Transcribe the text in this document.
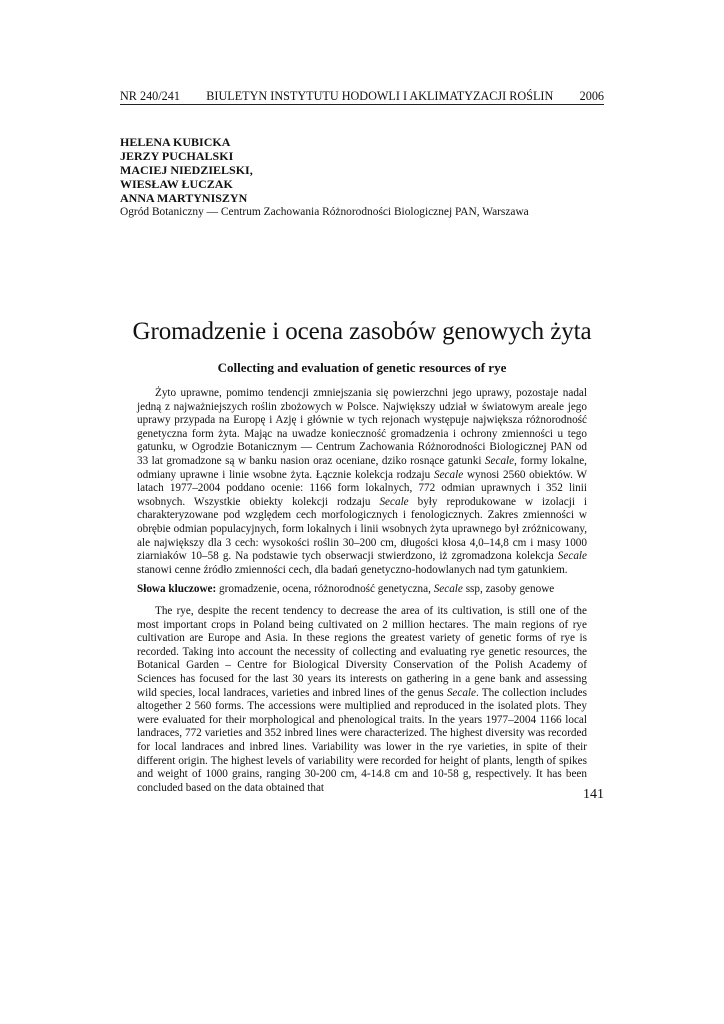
NR 240/241 BIULETYN INSTYTUTU HODOWLI I AKLIMATYZACJI ROŚLIN 2006
HELENA KUBICKA
JERZY PUCHALSKI
MACIEJ NIEDZIELSKI,
WIESŁAW ŁUCZAK
ANNA MARTYNISZYN
Ogród Botaniczny — Centrum Zachowania Różnorodności Biologicznej PAN, Warszawa
Gromadzenie i ocena zasobów genowych żyta
Collecting and evaluation of genetic resources of rye

Żyto uprawne, pomimo tendencji zmniejszania się powierzchni jego uprawy, pozostaje nadal jedną z najważniejszych roślin zbożowych w Polsce. Największy udział w światowym areale jego uprawy przypada na Europę i Azję i głównie w tych rejonach występuje największa różnorodność genetyczna form żyta. Mając na uwadze konieczność gromadzenia i ochrony zmienności u tego gatunku, w Ogrodzie Botanicznym — Centrum Zachowania Różnorodności Biologicznej PAN od 33 lat gromadzone są w banku nasion oraz oceniane, dziko rosnące gatunki Secale, formy lokalne, odmiany uprawne i linie wsobne żyta. Łącznie kolekcja rodzaju Secale wynosi 2560 obiektów. W latach 1977–2004 poddano ocenie: 1166 form lokalnych, 772 odmian uprawnych i 352 linii wsobnych. Wszystkie obiekty kolekcji rodzaju Secale były reprodukowane w izolacji i charakteryzowane pod względem cech morfologicznych i fenologicznych. Zakres zmienności w obrębie odmian populacyjnych, form lokalnych i linii wsobnych żyta uprawnego był zróżnicowany, ale największy dla 3 cech: wysokości roślin 30–200 cm, długości kłosa 4,0–14,8 cm i masy 1000 ziarniaków 10–58 g. Na podstawie tych obserwacji stwierdzono, iż zgromadzona kolekcja Secale stanowi cenne źródło zmienności cech, dla badań genetyczno-hodowlanych nad tym gatunkiem.

Słowa kluczowe: gromadzenie, ocena, różnorodność genetyczna, Secale ssp, zasoby genowe

The rye, despite the recent tendency to decrease the area of its cultivation, is still one of the most important crops in Poland being cultivated on 2 million hectares. The main regions of rye cultivation are Europe and Asia. In these regions the greatest variety of genetic forms of rye is recorded. Taking into account the necessity of collecting and evaluating rye genetic resources, the Botanical Garden – Centre for Biological Diversity Conservation of the Polish Academy of Sciences has focused for the last 30 years its interests on gathering in a gene bank and assessing wild species, local landraces, varieties and inbred lines of the genus Secale. The collection includes altogether 2 560 forms. The accessions were multiplied and reproduced in the isolated plots. They were evaluated for their morphological and phenological traits. In the years 1977–2004 1166 local landraces, 772 varieties and 352 inbred lines were characterized. The highest diversity was recorded for local landraces and inbred lines. Variability was lower in the rye varieties, in spite of their different origin. The highest levels of variability were recorded for height of plants, length of spikes and weight of 1000 grains, ranging 30-200 cm, 4-14.8 cm and 10-58 g, respectively. It has been concluded based on the data obtained that	141
